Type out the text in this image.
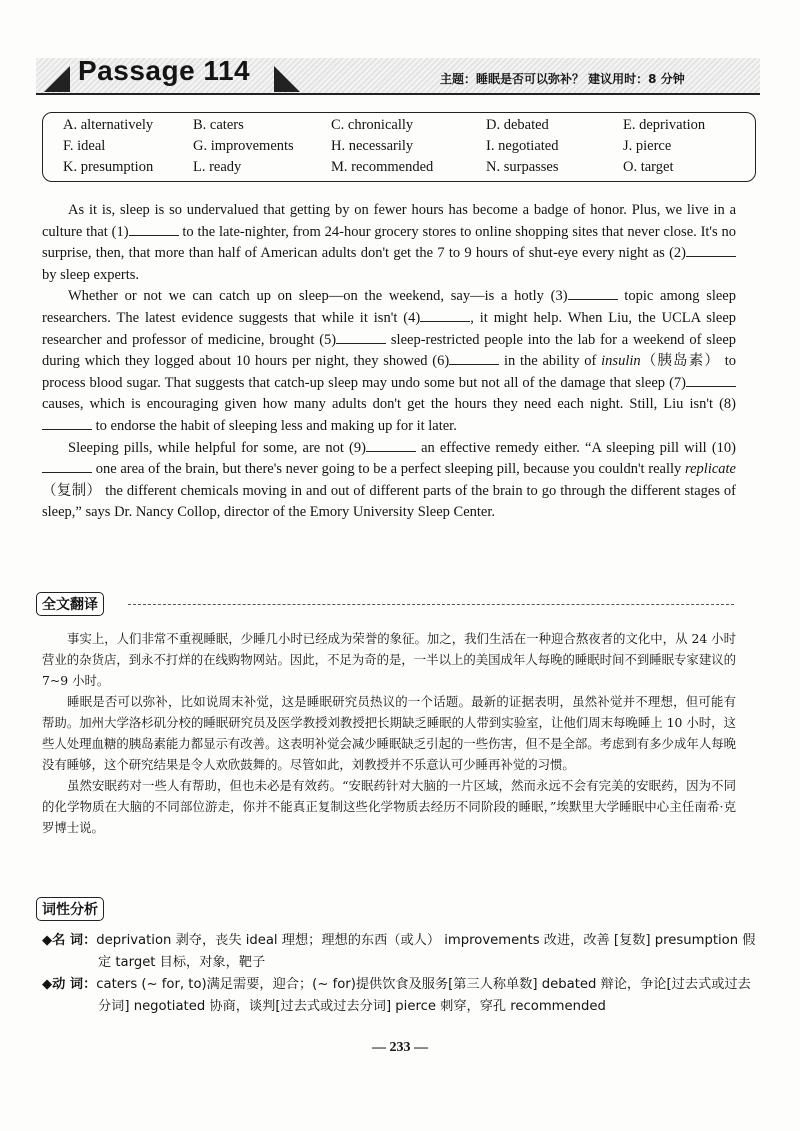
Passage 114	主题：睡眠是否可以弥补？ 建议用时：8 分钟
A. alternatively	B. caters	C. chronically	D. debated	E. deprivation
F. ideal	G. improvements	H. necessarily	I. negotiated	J. pierce
K. presumption	L. ready	M. recommended	N. surpasses	O. target

As it is, sleep is so undervalued that getting by on fewer hours has become a badge of honor. Plus, we live in a culture that (1)	to the late-nighter, from 24-hour grocery stores to online shopping sites that never close. It's no surprise, then, that more than half of American adults don't get the 7 to 9 hours of shut-eye every night as (2) by sleep experts.

Whether or not we can catch up on sleep—on the weekend, say—is a hotly (3)	topic among sleep researchers. The latest evidence suggests that while it isn't (4)	, it might help. When Liu, the UCLA sleep researcher and professor of medicine, brought (5)	sleep-restricted people into the lab for a weekend of sleep during which they logged about 10 hours per night, they showed (6)	in the ability of insulin（胰岛素） to process blood sugar. That suggests that catch-up sleep may undo some but not all of the damage that sleep (7) causes, which is encouraging given how many adults don't get the hours they need each night. Still, Liu isn't (8) to endorse the habit of sleeping less and making up for it later.

Sleeping pills, while helpful for some, are not (9)	an effective remedy either. “A sleeping pill will (10) one area of the brain, but there's never going to be a perfect sleeping pill, because you couldn't really replicate（复制） the different chemicals moving in and out of different parts of the brain to go through the different stages of sleep,” says Dr. Nancy Collop, director of the Emory University Sleep Center.

全文翻译

事实上，人们非常不重视睡眠，少睡几小时已经成为荣誉的象征。加之，我们生活在一种迎合熬夜者的文化中，从 24 小时营业的杂货店，到永不打烊的在线购物网站。因此，不足为奇的是，一半以上的美国成年人每晚的睡眠时间不到睡眠专家建议的 7~9 小时。

睡眠是否可以弥补，比如说周末补觉，这是睡眠研究员热议的一个话题。最新的证据表明，虽然补觉并不理想，但可能有帮助。加州大学洛杉矶分校的睡眠研究员及医学教授刘教授把长期缺乏睡眠的人带到实验室，让他们周末每晚睡上 10 小时，这些人处理血糖的胰岛素能力都显示有改善。这表明补觉会减少睡眠缺乏引起的一些伤害，但不是全部。考虑到有多少成年人每晚没有睡够，这个研究结果是令人欢欣鼓舞的。尽管如此，刘教授并不乐意认可少睡再补觉的习惯。

虽然安眠药对一些人有帮助，但也未必是有效药。“安眠药针对大脑的一片区域，然而永远不会有完美的安眠药，因为不同的化学物质在大脑的不同部位游走，你并不能真正复制这些化学物质去经历不同阶段的睡眠，”埃默里大学睡眠中心主任南希·克罗博士说。

词性分析

◆名 词：deprivation 剥夺，丧失 ideal 理想；理想的东西（或人） improvements 改进，改善 [复数] presumption 假定 target 目标，对象，靶子

◆动 词：caters (~ for, to)满足需要，迎合；(~ for)提供饮食及服务[第三人称单数] debated 辩论，争论[过去式或过去分词] negotiated 协商，谈判[过去式或过去分词] pierce 刺穿，穿孔 recommended

— 233 —
